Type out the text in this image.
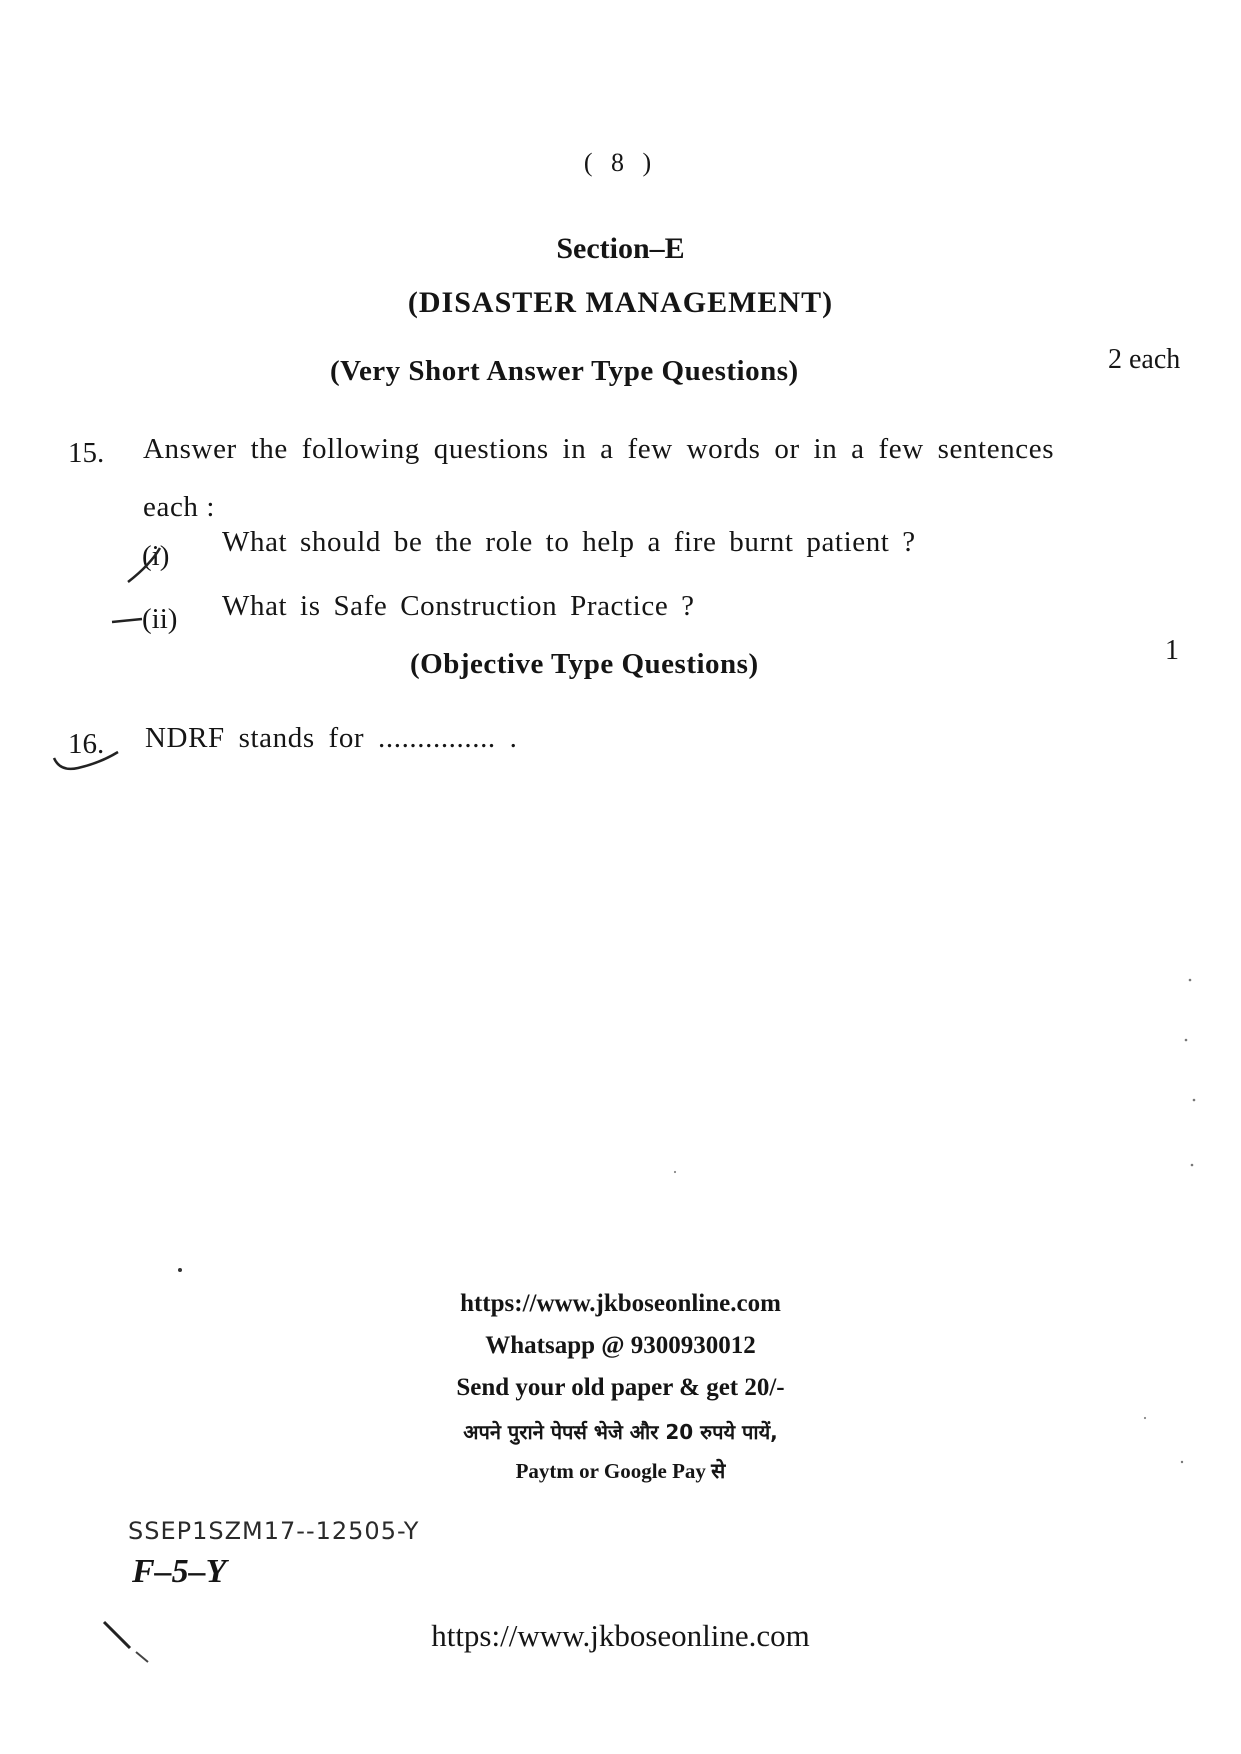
( 8 )
Section–E
(DISASTER MANAGEMENT)
(Very Short Answer Type Questions)	2 each
15. Answer the following questions in a few words or in a few sentences
each :
(i) What should be the role to help a fire burnt patient ?
(ii) What is Safe Construction Practice ?
(Objective Type Questions)	1
16. NDRF stands for ............... .
https://www.jkboseonline.com
Whatsapp @ 9300930012
Send your old paper & get 20/-
अपने पुराने पेपर्स भेजे और 20 रुपये पायें,
Paytm or Google Pay से
SSEP1SZM17--12505-Y
F–5–Y
https://www.jkboseonline.com
